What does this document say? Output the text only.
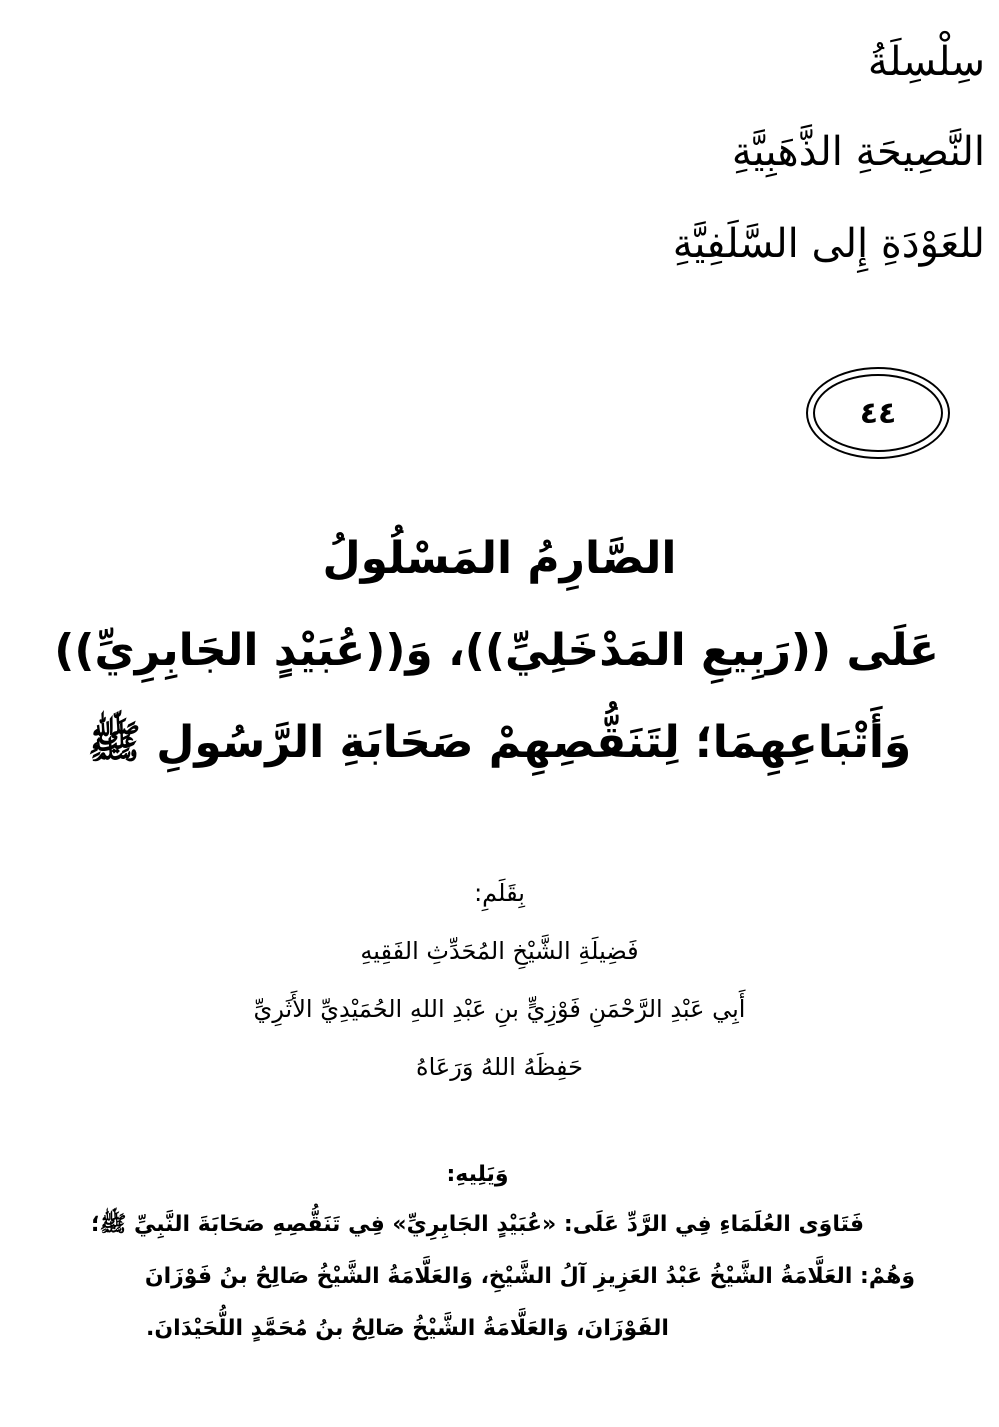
سِلْسِلَةُ
النَّصِيحَةِ الذَّهَبِيَّةِ
للعَوْدَةِ إِلى السَّلَفِيَّةِ
٤٤
الصَّارِمُ المَسْلُولُ
عَلَى ((رَبِيعِ المَدْخَلِيِّ))، وَ((عُبَيْدٍ الجَابِرِيِّ))
وَأَتْبَاعِهِمَا؛ لِتَنَقُّصِهِمْ صَحَابَةِ الرَّسُولِ ﷺ
بِقَلَمِ:
فَضِيلَةِ الشَّيْخِ المُحَدِّثِ الفَقِيهِ
أَبِي عَبْدِ الرَّحْمَنِ فَوْزِيٍّ بنِ عَبْدِ اللهِ الحُمَيْدِيِّ الأَثَرِيِّ
حَفِظَهُ اللهُ وَرَعَاهُ
وَيَلِيهِ:
فَتَاوَى العُلَمَاءِ فِي الرَّدِّ عَلَى: «عُبَيْدٍ الجَابِرِيِّ» فِي تَنَقُّصِهِ صَحَابَةَ النَّبِيِّ ﷺ؛
وَهُمْ: العَلَّامَةُ الشَّيْخُ عَبْدُ العَزِيزِ آلُ الشَّيْخِ، وَالعَلَّامَةُ الشَّيْخُ صَالِحُ بنُ فَوْزَانَ
الفَوْزَانَ، وَالعَلَّامَةُ الشَّيْخُ صَالِحُ بنُ مُحَمَّدٍ اللُّحَيْدَانَ.
